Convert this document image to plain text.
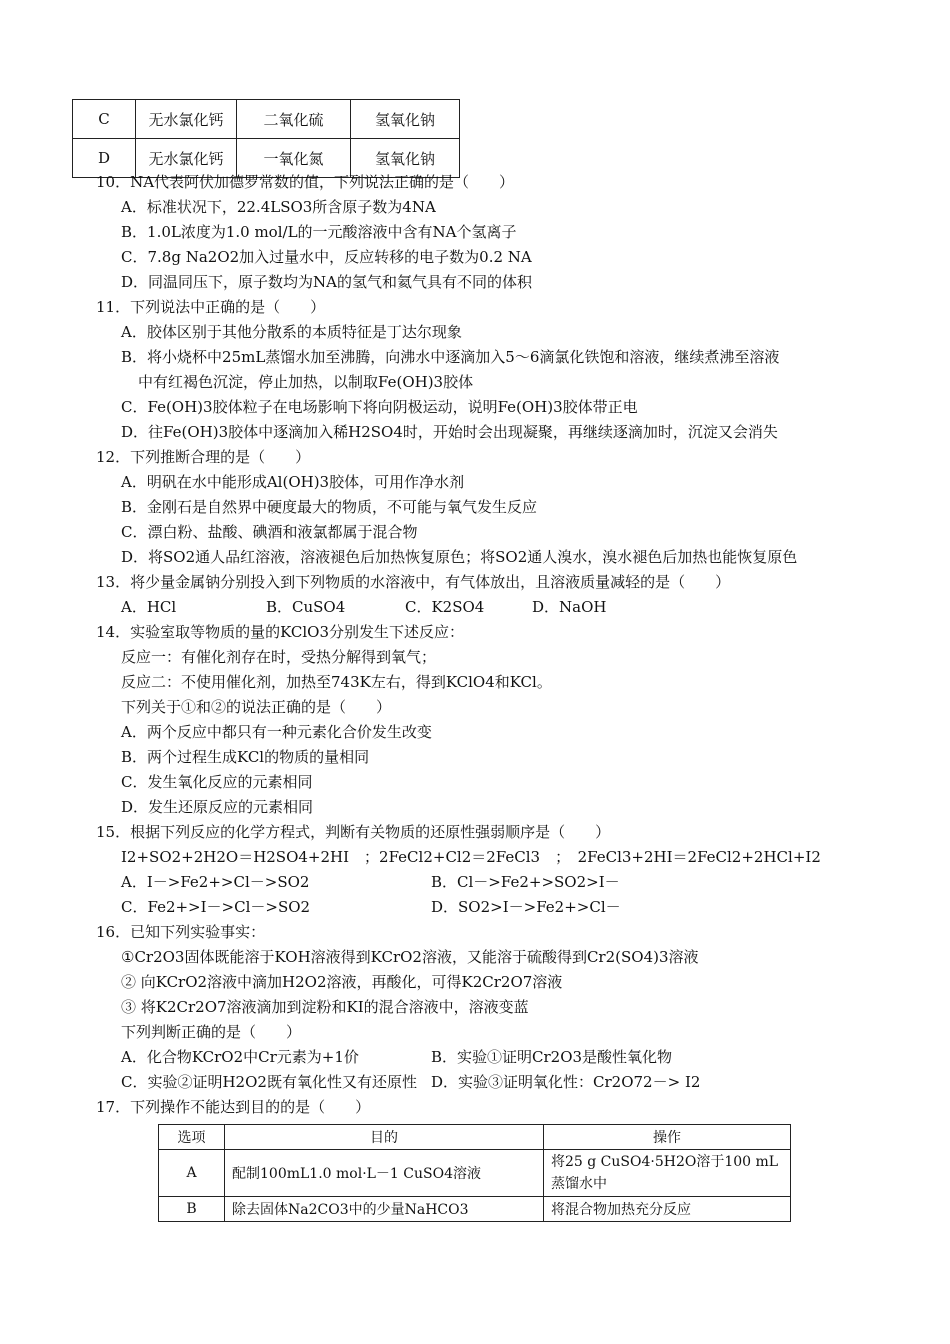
C	无水氯化钙	二氧化硫	氢氧化钠
D	无水氯化钙	一氧化氮	氢氧化钠
10．NA代表阿伏加德罗常数的值，下列说法正确的是（　　）
A．标准状况下，22.4LSO3所含原子数为4NA
B．1.0L浓度为1.0 mol/L的一元酸溶液中含有NA个氢离子
C．7.8g Na2O2加入过量水中，反应转移的电子数为0.2 NA
D．同温同压下，原子数均为NA的氢气和氦气具有不同的体积
11．下列说法中正确的是（　　）
A．胶体区别于其他分散系的本质特征是丁达尔现象
B．将小烧杯中25mL蒸馏水加至沸腾，向沸水中逐滴加入5～6滴氯化铁饱和溶液，继续煮沸至溶液
中有红褐色沉淀，停止加热，以制取Fe(OH)3胶体
C．Fe(OH)3胶体粒子在电场影响下将向阴极运动，说明Fe(OH)3胶体带正电
D．往Fe(OH)3胶体中逐滴加入稀H2SO4时，开始时会出现凝聚，再继续逐滴加时，沉淀又会消失
12．下列推断合理的是（　　）
A．明矾在水中能形成Al(OH)3胶体，可用作净水剂
B．金刚石是自然界中硬度最大的物质，不可能与氧气发生反应
C．漂白粉、盐酸、碘酒和液氯都属于混合物
D．将SO2通人品红溶液，溶液褪色后加热恢复原色；将SO2通人溴水，溴水褪色后加热也能恢复原色
13．将少量金属钠分别投入到下列物质的水溶液中，有气体放出，且溶液质量减轻的是（　　）
14．实验室取等物质的量的KClO3分别发生下述反应：
反应一：有催化剂存在时，受热分解得到氧气；
反应二：不使用催化剂，加热至743K左右，得到KClO4和KCl。
下列关于①和②的说法正确的是（　　）
A．两个反应中都只有一种元素化合价发生改变
B．两个过程生成KCl的物质的量相同
C．发生氧化反应的元素相同
D．发生还原反应的元素相同
15．根据下列反应的化学方程式，判断有关物质的还原性强弱顺序是（　　）
I2+SO2+2H2O＝H2SO4+2HI　；2FeCl2+Cl2＝2FeCl3　；　2FeCl3+2HI＝2FeCl2+2HCl+I2
16．已知下列实验事实：
①Cr2O3固体既能溶于KOH溶液得到KCrO2溶液，又能溶于硫酸得到Cr2(SO4)3溶液
② 向KCrO2溶液中滴加H2O2溶液，再酸化，可得K2Cr2O7溶液
③ 将K2Cr2O7溶液滴加到淀粉和KI的混合溶液中，溶液变蓝
下列判断正确的是（　　）
17．下列操作不能达到目的的是（　　）
A．HCl	B．CuSO4	C．K2SO4	D．NaOH
A．I－>Fe2+>Cl－>SO2	B．Cl－>Fe2+>SO2>I－
C．Fe2+>I－>Cl－>SO2	D．SO2>I－>Fe2+>Cl－
A．化合物KCrO2中Cr元素为+1价	B．实验①证明Cr2O3是酸性氧化物
C．实验②证明H2O2既有氧化性又有还原性 D．实验③证明氧化性：Cr2O72－> I2
选项	目的	操作
A	配制100mL1.0 mol·L－1 CuSO4溶液	将25 g CuSO4·5H2O溶于100 mL蒸馏水中
B	除去固体Na2CO3中的少量NaHCO3	将混合物加热充分反应
